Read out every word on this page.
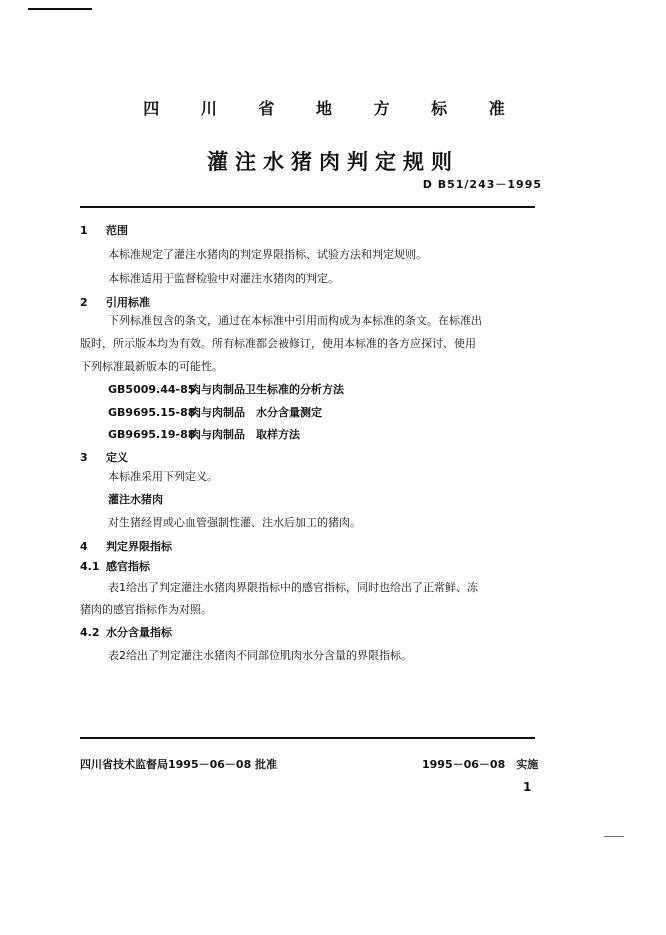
四 川 省 地 方 标 准
灌注水猪肉判定规则
D B51/243－1995
1 范围
本标准规定了灌注水猪肉的判定界限指标、试验方法和判定规则。
本标准适用于监督检验中对灌注水猪肉的判定。
2 引用标准
下列标准包含的条文，通过在本标准中引用而构成为本标准的条文。在标准出
版时，所示版本均为有效。所有标准都会被修订，使用本标准的各方应探讨、使用
下列标准最新版本的可能性。
GB5009.44-85肉与肉制品卫生标准的分析方法
GB9695.15-88肉与肉制品　水分含量测定
GB9695.19-88肉与肉制品　取样方法
3 定义
本标准采用下列定义。
灌注水猪肉
对生猪经胃或心血管强制性灌、注水后加工的猪肉。
4 判定界限指标
4.1 感官指标
表1给出了判定灌注水猪肉界限指标中的感官指标，同时也给出了正常鲜、冻
猪肉的感官指标作为对照。
4.2 水分含量指标
表2给出了判定灌注水猪肉不同部位肌肉水分含量的界限指标。
四川省技术监督局1995－06－08 批准	1995－06－08　实施
1
